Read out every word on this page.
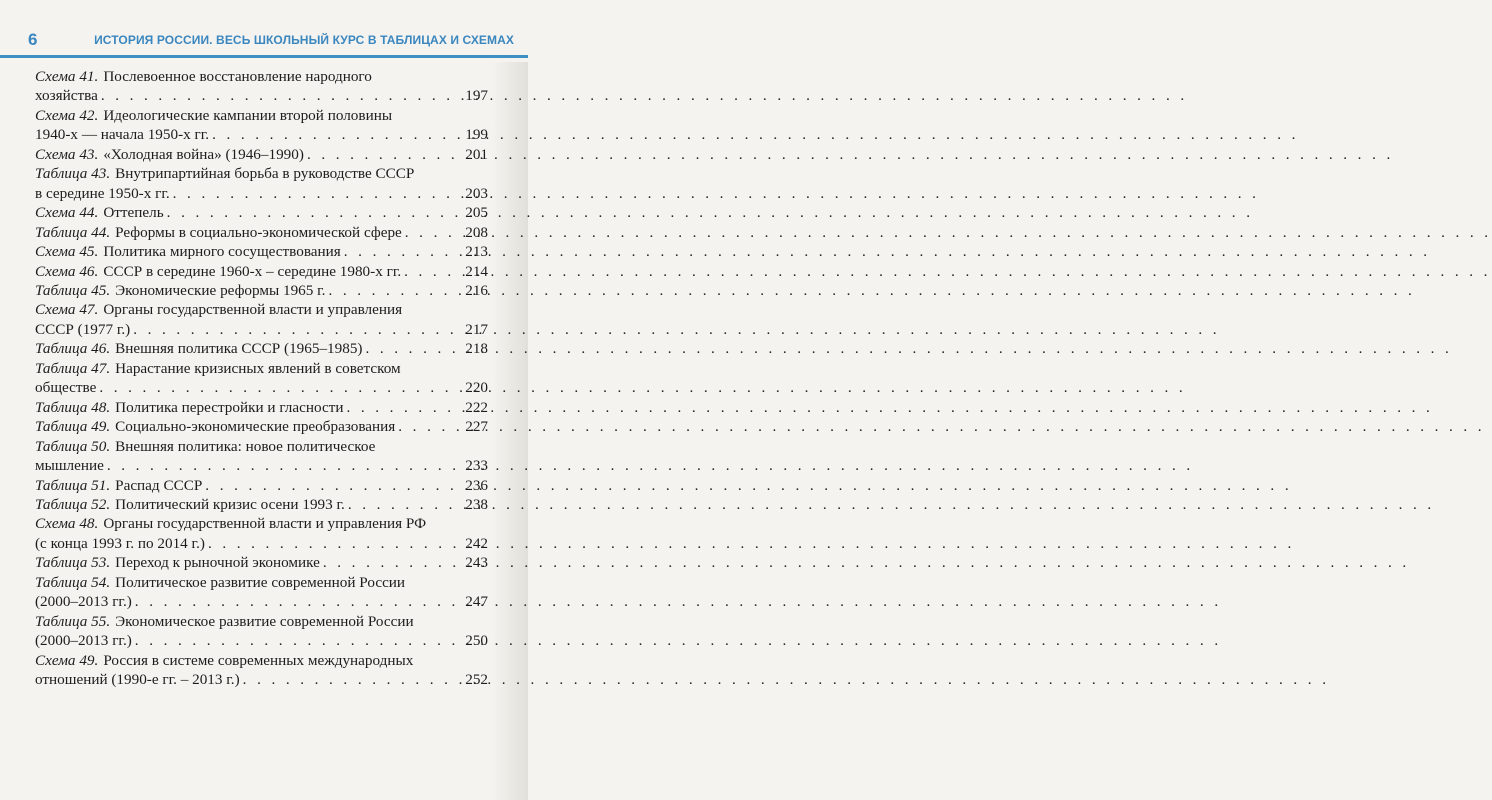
6	ИСТОРИЯ РОССИИ. ВЕСЬ ШКОЛЬНЫЙ КУРС В ТАБЛИЦАХ И СХЕМАХ
Схема 41. Послевоенное восстановление народного
хозяйства . . .	197
Схема 42. Идеологические кампании второй половины
1940-х — начала 1950-х гг. . . .	199
Схема 43. «Холодная война» (1946–1990) . . .	201
Таблица 43. Внутрипартийная борьба в руководстве СССР
в середине 1950-х гг. . . .	203
Схема 44. Оттепель . . .	205
Таблица 44. Реформы в социально-экономической сфере . . .	208
Схема 45. Политика мирного сосуществования . . .	213
Схема 46. СССР в середине 1960-х – середине 1980-х гг. . . .	214
Таблица 45. Экономические реформы 1965 г. . . .	216
Схема 47. Органы государственной власти и управления
СССР (1977 г.) . . .	217
Таблица 46. Внешняя политика СССР (1965–1985) . . .	218
Таблица 47. Нарастание кризисных явлений в советском
обществе . . .	220
Таблица 48. Политика перестройки и гласности . . .	222
Таблица 49. Социально-экономические преобразования . . .	227
Таблица 50. Внешняя политика: новое политическое
мышление . . .	233
Таблица 51. Распад СССР . . .	236
Таблица 52. Политический кризис осени 1993 г. . . .	238
Схема 48. Органы государственной власти и управления РФ
(с конца 1993 г. по 2014 г.) . . .	242
Таблица 53. Переход к рыночной экономике . . .	243
Таблица 54. Политическое развитие современной России
(2000–2013 гг.) . . .	247
Таблица 55. Экономическое развитие современной России
(2000–2013 гг.) . . .	250
Схема 49. Россия в системе современных международных
отношений (1990-е гг. – 2013 г.) . . .	252
